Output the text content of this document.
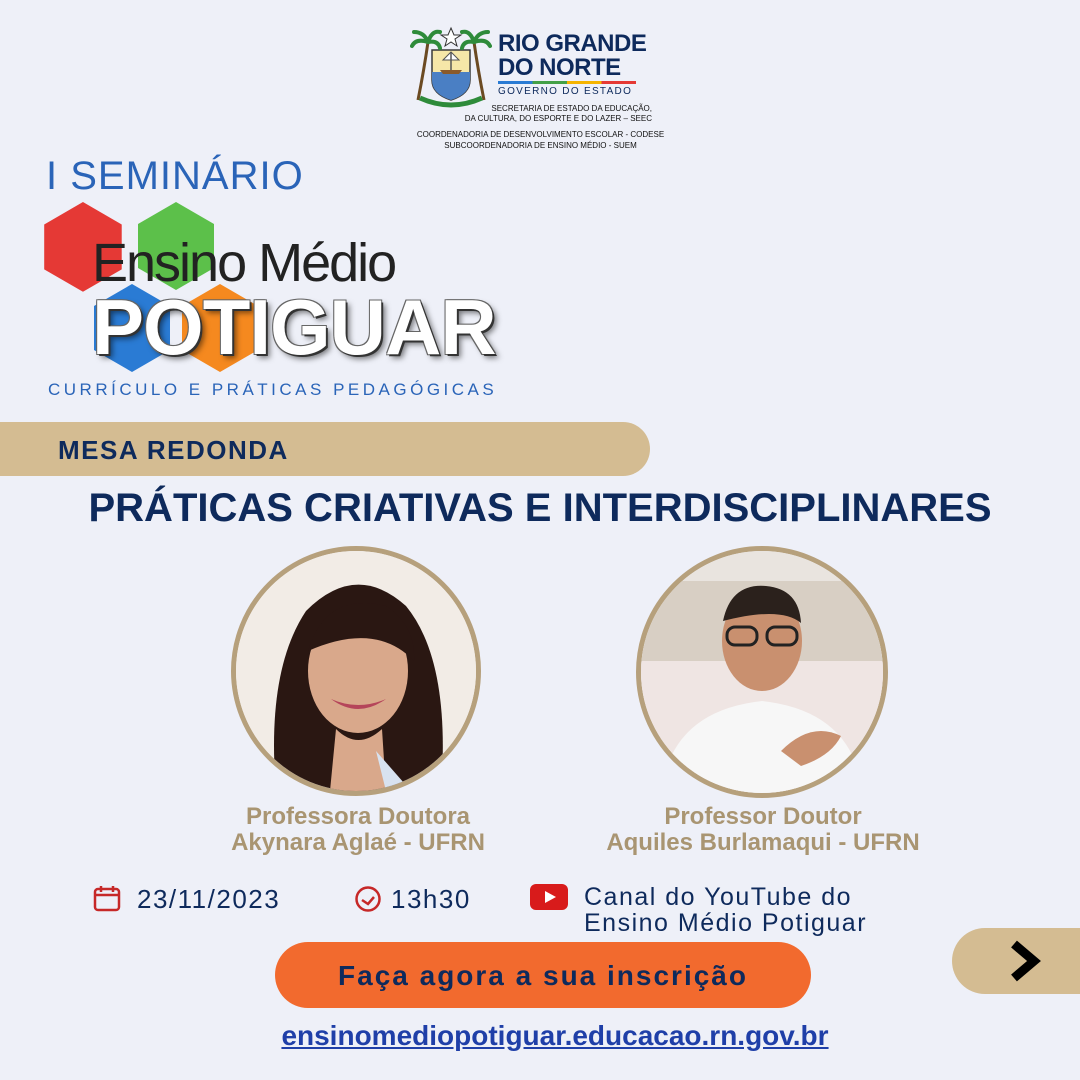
RIO GRANDE
DO NORTE
GOVERNO DO ESTADO
SECRETARIA DE ESTADO DA EDUCAÇÃO,
DA CULTURA, DO ESPORTE E DO LAZER – SEEC
COORDENADORIA DE DESENVOLVIMENTO ESCOLAR - CODESE
SUBCOORDENADORIA DE ENSINO MÉDIO - SUEM
I SEMINÁRIO
Ensino Médio
POTIGUAR
CURRÍCULO E PRÁTICAS PEDAGÓGICAS
MESA REDONDA
PRÁTICAS CRIATIVAS E INTERDISCIPLINARES
Professora Doutora
Akynara Aglaé - UFRN
Professor Doutor
Aquiles Burlamaqui - UFRN
23/11/2023	13h30	Canal do YouTube do
Ensino Médio Potiguar
Faça agora a sua inscrição
ensinomediopotiguar.educacao.rn.gov.br
